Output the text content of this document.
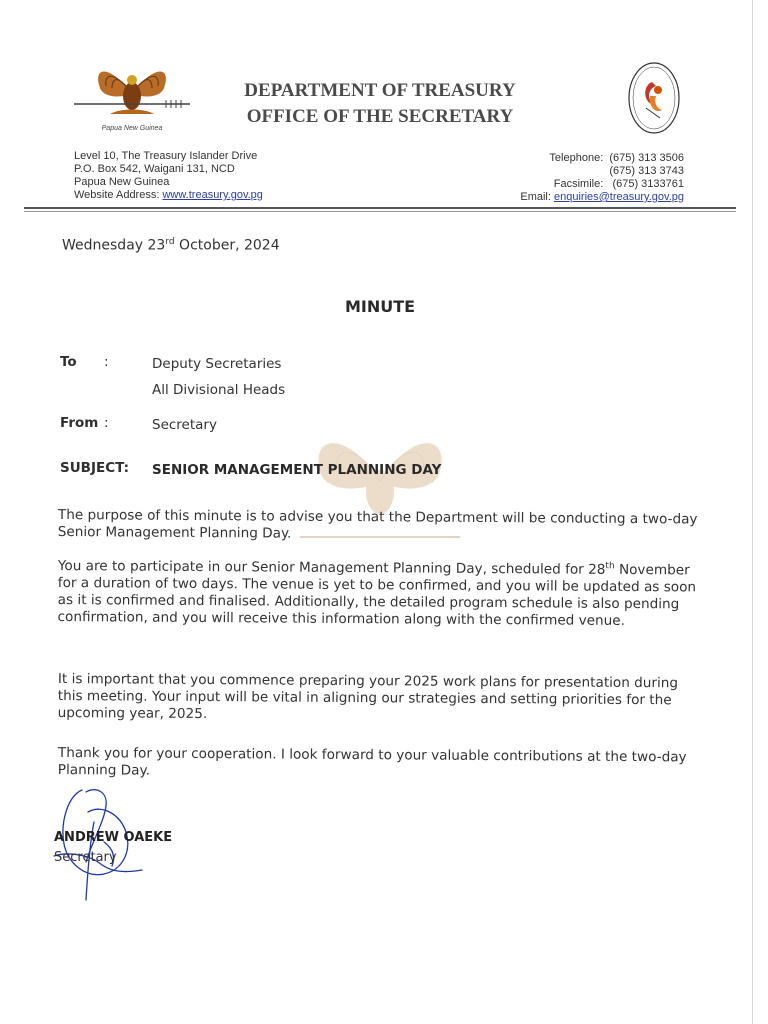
Papua New Guinea
DEPARTMENT OF TREASURY
OFFICE OF THE SECRETARY
Level 10, The Treasury Islander Drive
P.O. Box 542, Waigani 131, NCD
Papua New Guinea
Website Address: www.treasury.gov.pg
Telephone: (675) 313 3506
(675) 313 3743
Facsimile: (675) 3133761
Email: enquiries@treasury.gov.pg
Wednesday 23rd October, 2024
MINUTE
To :	Deputy Secretaries
All Divisional Heads
From :	Secretary
SUBJECT: SENIOR MANAGEMENT PLANNING DAY
The purpose of this minute is to advise you that the Department will be conducting a two-day Senior Management Planning Day.
You are to participate in our Senior Management Planning Day, scheduled for 28th November for a duration of two days. The venue is yet to be confirmed, and you will be updated as soon as it is confirmed and finalised. Additionally, the detailed program schedule is also pending confirmation, and you will receive this information along with the confirmed venue.
It is important that you commence preparing your 2025 work plans for presentation during this meeting. Your input will be vital in aligning our strategies and setting priorities for the upcoming year, 2025.
Thank you for your cooperation. I look forward to your valuable contributions at the two-day Planning Day.
ANDREW OAEKE
Secretary
